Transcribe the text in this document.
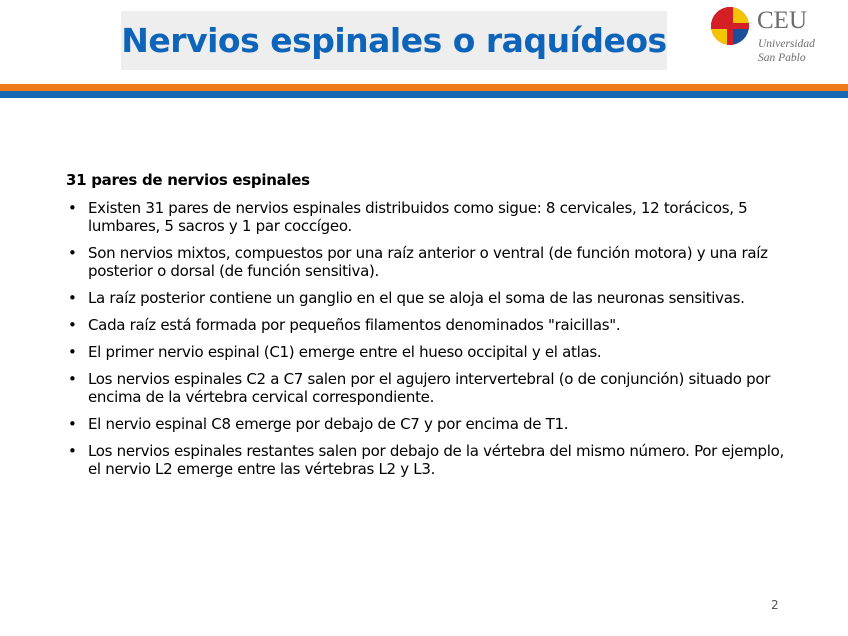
Nervios espinales o raquídeos
CEU
Universidad
San Pablo
31 pares de nervios espinales
• Existen 31 pares de nervios espinales distribuidos como sigue: 8 cervicales, 12 torácicos, 5 lumbares, 5 sacros y 1 par coccígeo.
• Son nervios mixtos, compuestos por una raíz anterior o ventral (de función motora) y una raíz posterior o dorsal (de función sensitiva).
• La raíz posterior contiene un ganglio en el que se aloja el soma de las neuronas sensitivas.
• Cada raíz está formada por pequeños filamentos denominados "raicillas".
• El primer nervio espinal (C1) emerge entre el hueso occipital y el atlas.
• Los nervios espinales C2 a C7 salen por el agujero intervertebral (o de conjunción) situado por encima de la vértebra cervical correspondiente.
• El nervio espinal C8 emerge por debajo de C7 y por encima de T1.
• Los nervios espinales restantes salen por debajo de la vértebra del mismo número. Por ejemplo, el nervio L2 emerge entre las vértebras L2 y L3.
2
